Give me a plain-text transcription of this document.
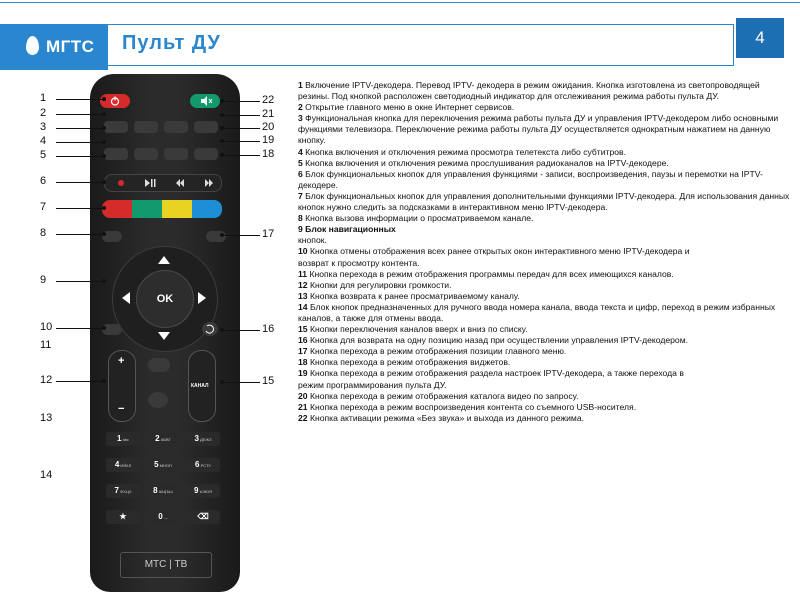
МГТС Пульт ДУ	4
OK
+
−
КАНАЛ
1 abc	2 АБВГ	3 ДЕЖЗ
4 ИЙКЛ	5 МНОП	6 РСТУ
7 ФХЦЧ	8 ШЩЪЫ	9 ЬЭЮЯ
★	0 —	⌫
МТС | ТВ
1
2
3
4
5
6
7
8
9
10
11
12
13
14
22
21
20
19
18
17
16
15

1 Включение IPTV-декодера. Перевод IPTV- декодера в режим ожидания. Кнопка изготовлена из светопроводящей резины. Под кнопкой расположен светодиодный индикатор для отслеживания режима работы пульта ДУ.

2 Открытие главного меню в окне Интернет сервисов.

3 Функциональная кнопка для переключения режима работы пульта ДУ и управления IPTV-декодером либо основными функциями телевизора. Переключение режима работы пульта ДУ осуществляется однократным нажатием на данную кнопку.

4 Кнопка включения и отключения режима просмотра телетекста либо субтитров.

5 Кнопка включения и отключения режима прослушивания радиоканалов на IPTV-декодере.

6 Блок функциональных кнопок для управления функциями - записи, воспроизведения, паузы и перемотки на IPTV-декодере.

7 Блок функциональных кнопок для управления дополнительными функциями IPTV-декодера. Для использования данных кнопок нужно следить за подсказками в интерактивном меню IPTV-декодера.

8 Кнопка вызова информации о просматриваемом канале.

9 Блок навигационных

кнопок.

10 Кнопка отмены отображения всех ранее открытых окон интерактивного меню IPTV-декодера и

возврат к просмотру контента.

11 Кнопка перехода в режим отображения программы передач для всех имеющихся каналов.

12 Кнопки для регулировки громкости.

13 Кнопка возврата к ранее просматриваемому каналу.

14 Блок кнопок предназначенных для ручного ввода номера канала, ввода текста и цифр, переход в режим избранных каналов, а также для отмены ввода.

15 Кнопки переключения каналов вверх и вниз по списку.

16 Кнопка для возврата на одну позицию назад при осуществлении управления IPTV-декодером.

17 Кнопка перехода в режим отображения позиции главного меню.

18 Кнопка перехода в режим отображения виджетов.

19 Кнопка перехода в режим отображения раздела настроек IPTV-декодера, а также перехода в

режим программирования пульта ДУ.

20 Кнопка перехода в режим отображения каталога видео по запросу.

21 Кнопка перехода в режим воспроизведения контента со съемного USB-носителя.

22 Кнопка активации режима «Без звука» и выхода из данного режима.
